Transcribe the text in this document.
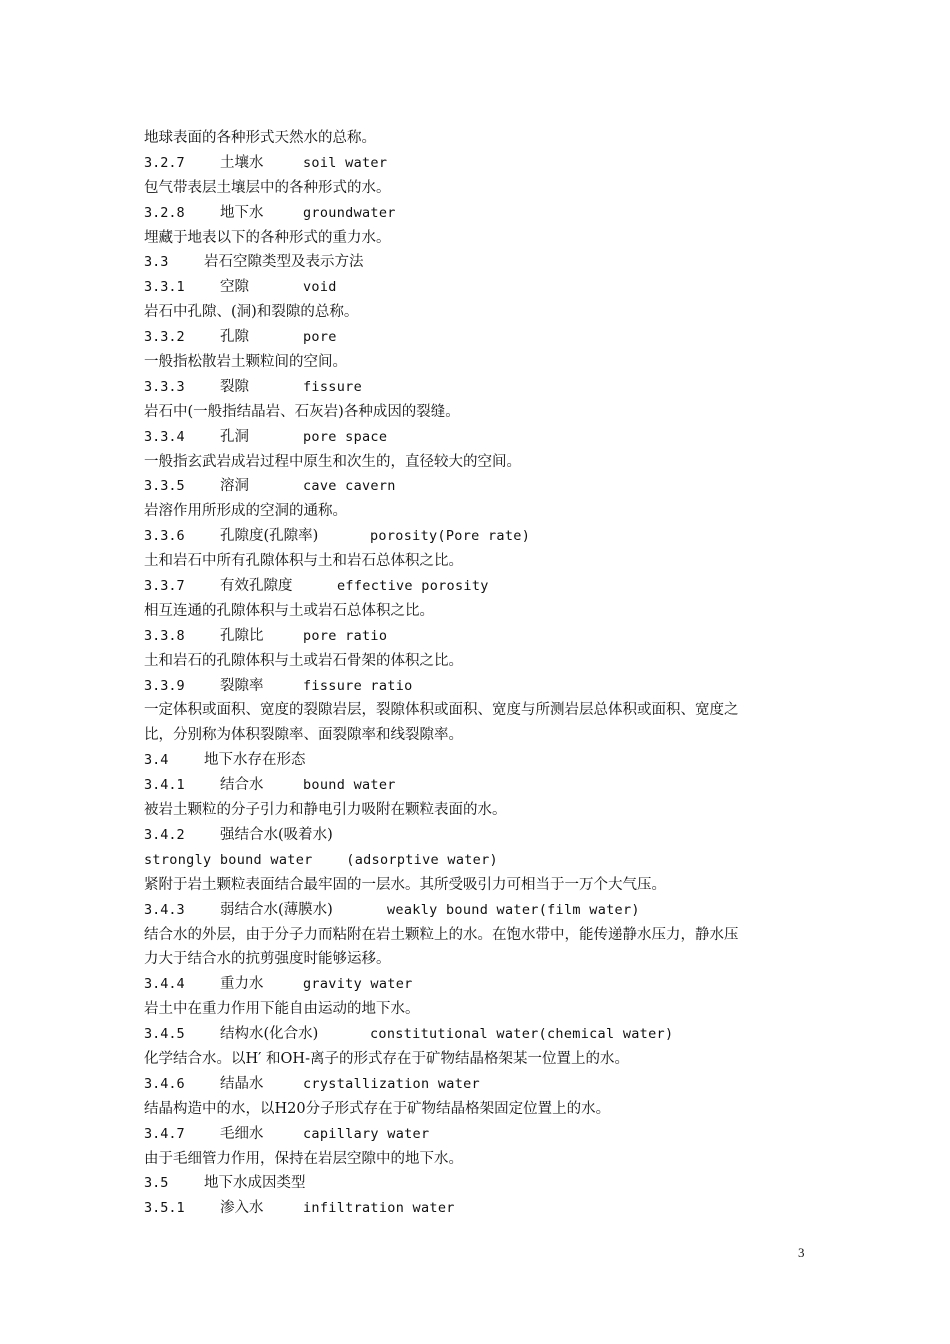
地球表面的各种形式天然水的总称。
3.2.7 土壤水	soil water
包气带表层土壤层中的各种形式的水。
3.2.8 地下水	groundwater
埋藏于地表以下的各种形式的重力水。
3.3 岩石空隙类型及表示方法
3.3.1 空隙	void
岩石中孔隙、(洞)和裂隙的总称。
3.3.2 孔隙	pore
一般指松散岩土颗粒间的空间。
3.3.3 裂隙	fissure
岩石中(一般指结晶岩、石灰岩)各种成因的裂缝。
3.3.4 孔洞	pore space
一般指玄武岩成岩过程中原生和次生的，直径较大的空间。
3.3.5 溶洞	cave cavern
岩溶作用所形成的空洞的通称。
3.3.6 孔隙度(孔隙率)	porosity(Pore rate)
土和岩石中所有孔隙体积与土和岩石总体积之比。
3.3.7 有效孔隙度	effective porosity
相互连通的孔隙体积与土或岩石总体积之比。
3.3.8 孔隙比	pore ratio
土和岩石的孔隙体积与土或岩石骨架的体积之比。
3.3.9 裂隙率	fissure ratio
一定体积或面积、宽度的裂隙岩层，裂隙体积或面积、宽度与所测岩层总体积或面积、宽度之
比，分别称为体积裂隙率、面裂隙率和线裂隙率。
3.4 地下水存在形态
3.4.1 结合水	bound water
被岩土颗粒的分子引力和静电引力吸附在颗粒表面的水。
3.4.2 强结合水(吸着水)
strongly bound water    (adsorptive water)
紧附于岩土颗粒表面结合最牢固的一层水。其所受吸引力可相当于一万个大气压。
3.4.3 弱结合水(薄膜水)	weakly bound water(film water)
结合水的外层，由于分子力而粘附在岩土颗粒上的水。在饱水带中，能传递静水压力，静水压
力大于结合水的抗剪强度时能够运移。
3.4.4 重力水	gravity water
岩土中在重力作用下能自由运动的地下水。
3.4.5 结构水(化合水)	constitutional water(chemical water)
化学结合水。以H′ 和OH-离子的形式存在于矿物结晶格架某一位置上的水。
3.4.6 结晶水	crystallization water
结晶构造中的水，以H20分子形式存在于矿物结晶格架固定位置上的水。
3.4.7 毛细水	capillary water
由于毛细管力作用，保持在岩层空隙中的地下水。
3.5 地下水成因类型
3.5.1 渗入水	infiltration water
3
